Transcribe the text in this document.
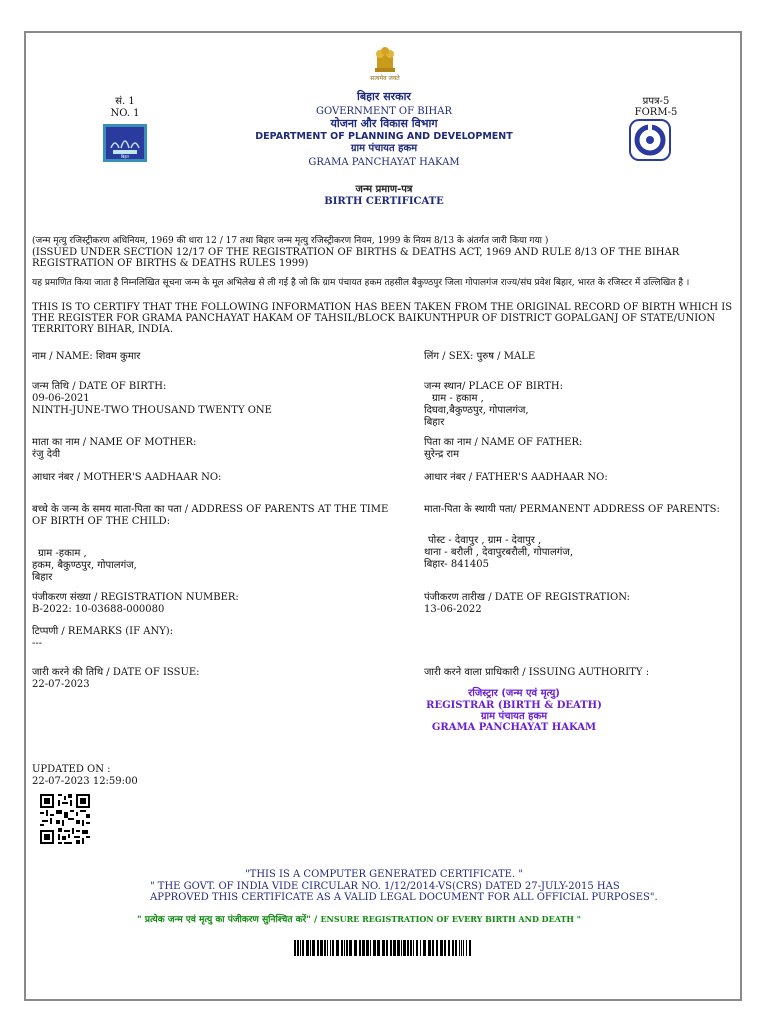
सं. 1
NO. 1
बिहार
सत्यमेव जयते
बिहार सरकार
GOVERNMENT OF BIHAR
योजना और विकास विभाग
DEPARTMENT OF PLANNING AND DEVELOPMENT
ग्राम पंचायत हकम
GRAMA PANCHAYAT HAKAM
प्रपत्र-5
FORM-5
जन्म प्रमाण-पत्र
BIRTH CERTIFICATE
(जन्म मृत्यु रजिस्ट्रीकरण अधिनियम, 1969 की धारा 12 / 17 तथा बिहार जन्म मृत्यु रजिस्ट्रीकरण नियम, 1999 के नियम 8/13 के अंतर्गत जारी किया गया )
(ISSUED UNDER SECTION 12/17 OF THE REGISTRATION OF BIRTHS & DEATHS ACT, 1969 AND RULE 8/13 OF THE BIHAR REGISTRATION OF BIRTHS & DEATHS RULES 1999)
यह प्रमाणित किया जाता है निम्नलिखित सूचना जन्म के मूल अभिलेख से ली गई है जो कि ग्राम पंचायत हकम तहसील बैकुण्ठपुर जिला गोपालगंज राज्य/संघ प्रवेश बिहार, भारत के रजिस्टर में उल्लिखित है ।
THIS IS TO CERTIFY THAT THE FOLLOWING INFORMATION HAS BEEN TAKEN FROM THE ORIGINAL RECORD OF BIRTH WHICH IS THE REGISTER FOR GRAMA PANCHAYAT HAKAM OF TAHSIL/BLOCK BAIKUNTHPUR OF DISTRICT GOPALGANJ OF STATE/UNION TERRITORY BIHAR, INDIA.
नाम / NAME: शिवम कुमार	लिंग / SEX: पुरुष / MALE
जन्म तिथि / DATE OF BIRTH:
09-06-2021
NINTH-JUNE-TWO THOUSAND TWENTY ONE
जन्म स्थान/ PLACE OF BIRTH:
ग्राम - हकाम ,
दिघवा,बैकुण्ठपुर, गोपालगंज,
बिहार
माता का नाम / NAME OF MOTHER:
रंजु देवी
पिता का नाम / NAME OF FATHER:
सुरेन्द्र राम
आधार नंबर / MOTHER'S AADHAAR NO:	आधार नंबर / FATHER'S AADHAAR NO:
बच्चे के जन्म के समय माता-पिता का पता / ADDRESS OF PARENTS AT THE TIME
OF BIRTH OF THE CHILD:
माता-पिता के स्थायी पता/ PERMANENT ADDRESS OF PARENTS:
ग्राम -हकाम ,
हकम, बैकुण्ठपुर, गोपालगंज,
बिहार
पोस्ट - देवापुर , ग्राम - देवापुर ,
थाना - बरौली , देवापुरबरौली, गोपालगंज,
बिहार- 841405
पंजीकरण संख्या / REGISTRATION NUMBER:
B-2022: 10-03688-000080
पंजीकरण तारीख / DATE OF REGISTRATION:
13-06-2022
टिप्पणी / REMARKS (IF ANY):
---
जारी करने की तिथि / DATE OF ISSUE:
22-07-2023
जारी करने वाला प्राधिकारी / ISSUING AUTHORITY :
रजिस्ट्रार (जन्म एवं मृत्यु)
REGISTRAR (BIRTH & DEATH)
ग्राम पंचायत हकम
GRAMA PANCHAYAT HAKAM
UPDATED ON :
22-07-2023 12:59:00
"THIS IS A COMPUTER GENERATED CERTIFICATE. "
" THE GOVT. OF INDIA VIDE CIRCULAR NO. 1/12/2014-VS(CRS) DATED 27-JULY-2015 HAS
APPROVED THIS CERTIFICATE AS A VALID LEGAL DOCUMENT FOR ALL OFFICIAL PURPOSES".
" प्रत्येक जन्म एवं मृत्यु का पंजीकरण सुनिश्चित करें" / ENSURE REGISTRATION OF EVERY BIRTH AND DEATH "
